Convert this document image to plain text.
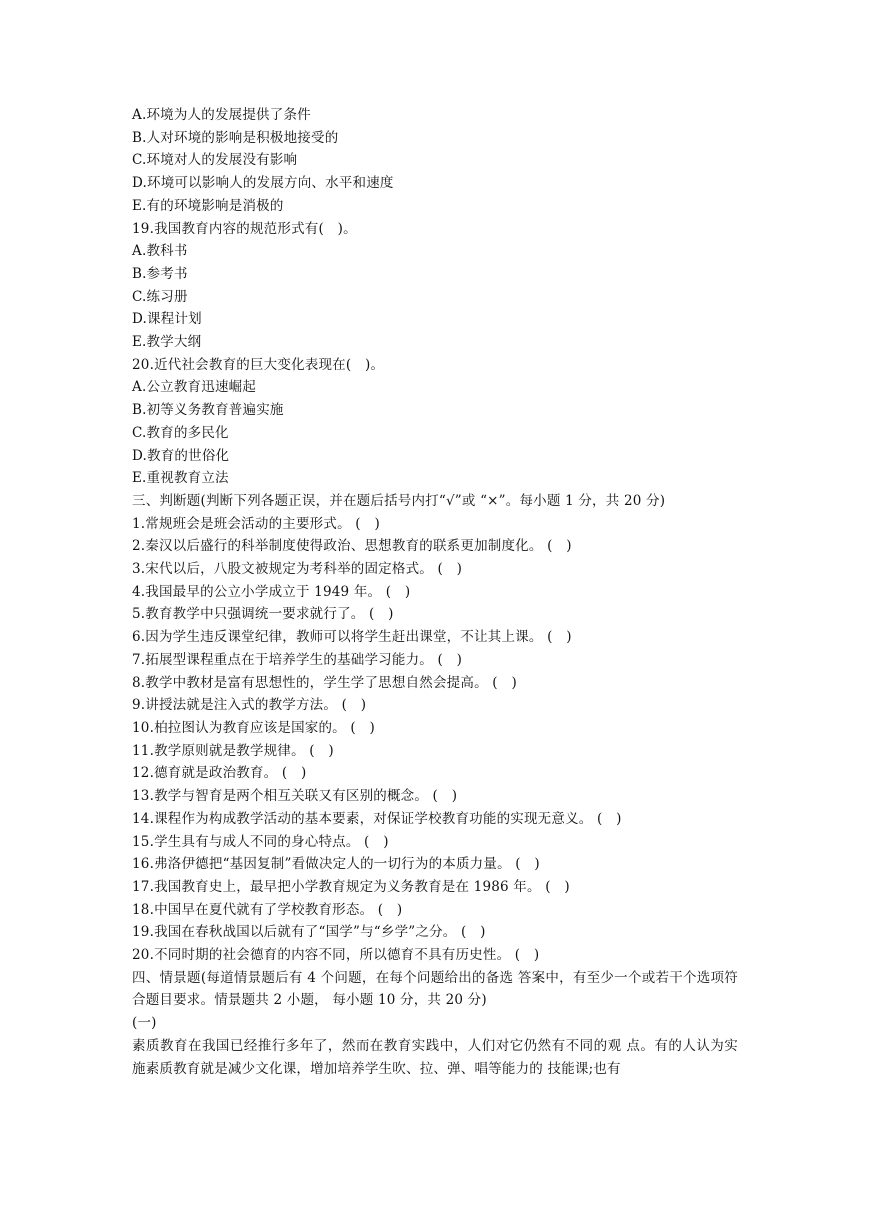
A.环境为人的发展提供了条件
B.人对环境的影响是积极地接受的
C.环境对人的发展没有影响
D.环境可以影响人的发展方向、水平和速度
E.有的环境影响是消极的
19.我国教育内容的规范形式有(　)。
A.教科书
B.参考书
C.练习册
D.课程计划
E.教学大纲
20.近代社会教育的巨大变化表现在(　)。
A.公立教育迅速崛起
B.初等义务教育普遍实施
C.教育的多民化
D.教育的世俗化
E.重视教育立法
三、判断题(判断下列各题正误，并在题后括号内打“√”或 “×”。每小题 1 分，共 20 分)
1.常规班会是班会活动的主要形式。 (　)
2.秦汉以后盛行的科举制度使得政治、思想教育的联系更加制度化。 (　)
3.宋代以后，八股文被规定为考科举的固定格式。 (　)
4.我国最早的公立小学成立于 1949 年。 (　)
5.教育教学中只强调统一要求就行了。 (　)
6.因为学生违反课堂纪律，教师可以将学生赶出课堂，不让其上课。 (　)
7.拓展型课程重点在于培养学生的基础学习能力。 (　)
8.教学中教材是富有思想性的，学生学了思想自然会提高。 (　)
9.讲授法就是注入式的教学方法。 (　)
10.柏拉图认为教育应该是国家的。 (　)
11.教学原则就是教学规律。 (　)
12.德育就是政治教育。 (　)
13.教学与智育是两个相互关联又有区别的概念。 (　)
14.课程作为构成教学活动的基本要素，对保证学校教育功能的实现无意义。 (　)
15.学生具有与成人不同的身心特点。 (　)
16.弗洛伊德把“基因复制”看做决定人的一切行为的本质力量。 (　)
17.我国教育史上，最早把小学教育规定为义务教育是在 1986 年。 (　)
18.中国早在夏代就有了学校教育形态。 (　)
19.我国在春秋战国以后就有了“国学”与“乡学”之分。 (　)
20.不同时期的社会德育的内容不同，所以德育不具有历史性。 (　)
四、情景题(每道情景题后有 4 个问题，在每个问题给出的备选 答案中，有至少一个或若干个选项符合题目要求。情景题共 2 小题， 每小题 10 分，共 20 分)
(一)
素质教育在我国已经推行多年了，然而在教育实践中，人们对它仍然有不同的观 点。有的人认为实施素质教育就是减少文化课，增加培养学生吹、拉、弹、唱等能力的 技能课;也有
